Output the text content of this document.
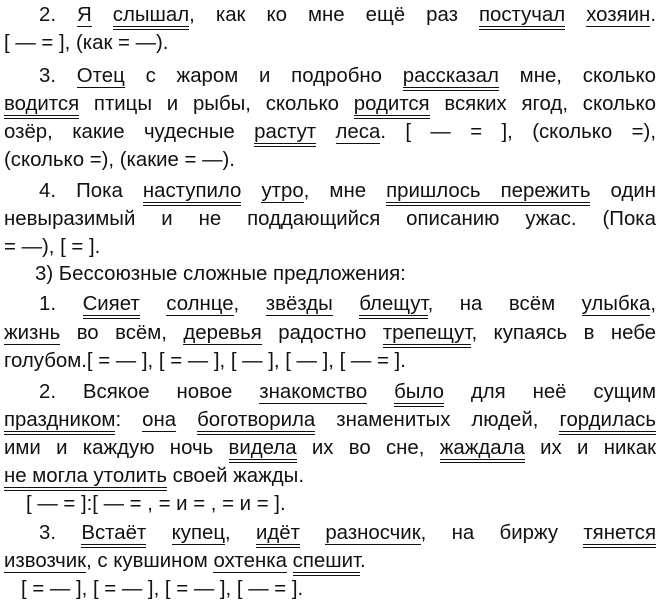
2. Я слышал, как ко мне ещё раз постучал хозяин.
[ — = ], (как = —).
3. Отец с жаром и подробно рассказал мне, сколько
водится птицы и рыбы, сколько родится всяких ягод, сколько
озёр, какие чудесные растут леса. [ — = ], (сколько =),
(сколько =), (какие = —).
4. Пока наступило утро, мне пришлось пережить один
невыразимый и не поддающийся описанию ужас. (Пока
= —), [ = ].
3) Бессоюзные сложные предложения:
1. Сияет солнце, звёзды блещут, на всём улыбка,
жизнь во всём, деревья радостно трепещут, купаясь в небе
голубом.[ = — ], [ = — ], [ — ], [ — ], [ — = ].
2. Всякое новое знакомство было для неё сущим
праздником: она боготворила знаменитых людей, гордилась
ими и каждую ночь видела их во сне, жаждала их и никак
не могла утолить своей жажды.
[ — = ]:[ — = , = и = , = и = ].
3. Встаёт купец, идёт разносчик, на биржу тянется
извозчик, с кувшином охтенка спешит.
[ = — ], [ = — ], [ = — ], [ — = ].
